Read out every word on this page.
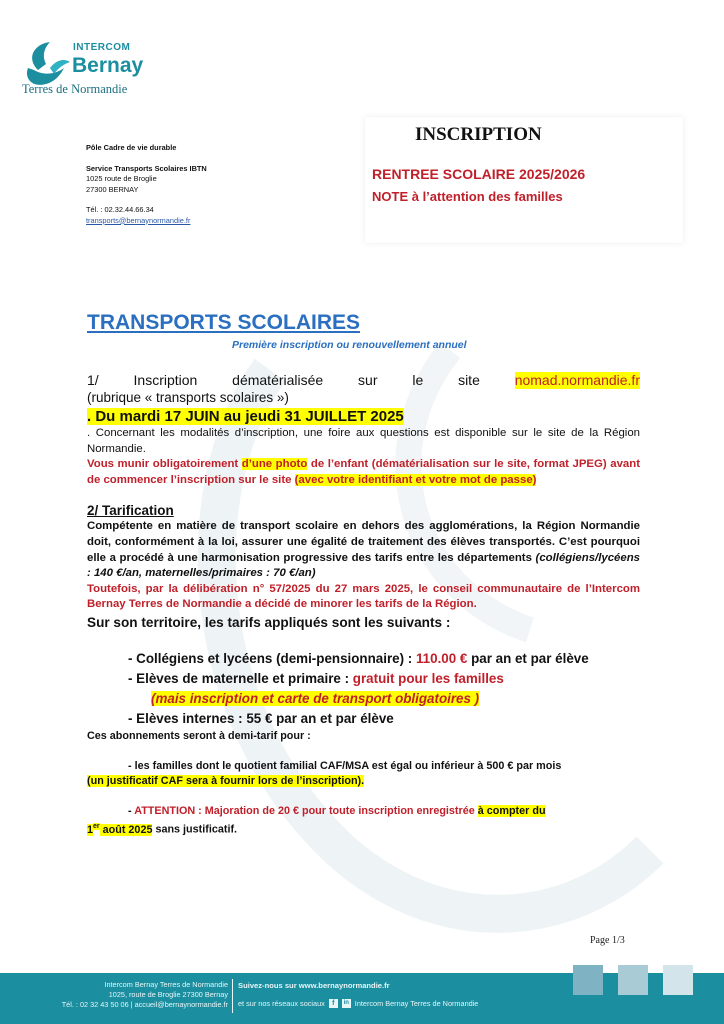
INTERCOM
Bernay
Terres de Normandie
Pôle Cadre de vie durable
Service Transports Scolaires IBTN
1025 route de Broglie
27300 BERNAY
Tél. : 02.32.44.66.34
transports@bernaynormandie.fr
INSCRIPTION
RENTREE SCOLAIRE 2025/2026
NOTE à l’attention des familles
TRANSPORTS SCOLAIRES
Première inscription ou renouvellement annuel
1/ Inscription dématérialisée sur le site nomad.normandie.fr

(rubrique « transports scolaires »)

. Du mardi 17 JUIN au jeudi 31 JUILLET 2025

. Concernant les modalités d’inscription, une foire aux questions est disponible sur le site de la Région Normandie.

Vous munir obligatoirement d’une photo de l’enfant (dématérialisation sur le site, format JPEG) avant de commencer l’inscription sur le site (avec votre identifiant et votre mot de passe)

2/ Tarification

Compétente en matière de transport scolaire en dehors des agglomérations, la Région Normandie doit, conformément à la loi, assurer une égalité de traitement des élèves transportés. C’est pourquoi elle a procédé à une harmonisation progressive des tarifs entre les départements (collégiens/lycéens : 140 €/an, maternelles/primaires : 70 €/an)

Toutefois, par la délibération n° 57/2025 du 27 mars 2025, le conseil communautaire de l’Intercom Bernay Terres de Normandie a décidé de minorer les tarifs de la Région.

Sur son territoire, les tarifs appliqués sont les suivants :

- Collégiens et lycéens (demi-pensionnaire) : 110.00 € par an et par élève

- Elèves de maternelle et primaire : gratuit pour les familles

(mais inscription et carte de transport obligatoires )

- Elèves internes : 55 € par an et par élève

Ces abonnements seront à demi-tarif pour :

- les familles dont le quotient familial CAF/MSA est égal ou inférieur à 500 € par mois

(un justificatif CAF sera à fournir lors de l’inscription).

- ATTENTION : Majoration de 20 € pour toute inscription enregistrée à compter du

1er août 2025 sans justificatif.

Page 1/3
Intercom Bernay Terres de Normandie
1025, route de Broglie 27300 Bernay
Tél. : 02 32 43 50 06 | accueil@bernaynormandie.fr
Suivez-nous sur www.bernaynormandie.fr
et sur nos réseaux sociaux	f	in Intercom Bernay Terres de Normandie
